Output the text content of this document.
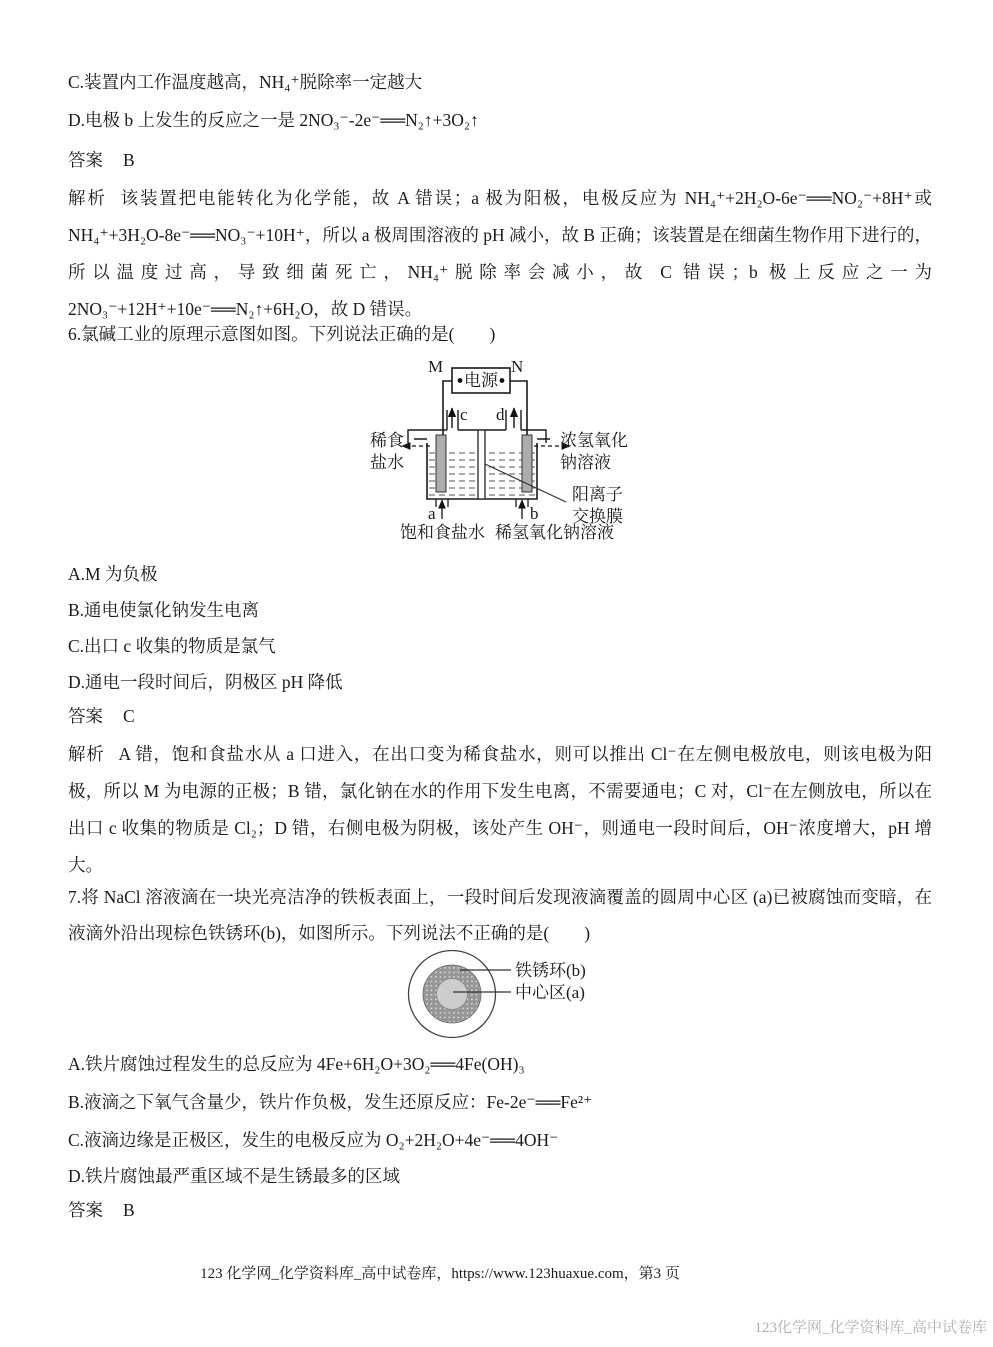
C.装置内工作温度越高，NH₄⁺脱除率一定越大
D.电极 b 上发生的反应之一是 2NO₃⁻-2e⁻══N₂↑+3O₂↑
答案 B
解析 该装置把电能转化为化学能，故 A 错误；a 极为阳极，电极反应为 NH₄⁺+2H₂O-6e⁻══NO₂⁻+8H⁺或 NH₄⁺+3H₂O-8e⁻══NO₃⁻+10H⁺，所以 a 极周围溶液的 pH 减小，故 B 正确；该装置是在细菌生物作用下进行的，所以温度过高，导致细菌死亡，NH₄⁺脱除率会减小，故 C 错误；b 极上反应之一为 2NO₃⁻+12H⁺+10e⁻══N₂↑+6H₂O，故 D 错误。
6.氯碱工业的原理示意图如图。下列说法正确的是(　　)
电源
M	N
c d
稀食
盐水
浓氢氧化
钠溶液
a	b
饱和食盐水 稀氢氧化钠溶液
阳离子
交换膜
A.M 为负极
B.通电使氯化钠发生电离
C.出口 c 收集的物质是氯气
D.通电一段时间后，阴极区 pH 降低
答案 C
解析 A 错，饱和食盐水从 a 口进入，在出口变为稀食盐水，则可以推出 Cl⁻在左侧电极放电，则该电极为阳极，所以 M 为电源的正极；B 错，氯化钠在水的作用下发生电离，不需要通电；C 对，Cl⁻在左侧放电，所以在出口 c 收集的物质是 Cl₂；D 错，右侧电极为阴极，该处产生 OH⁻，则通电一段时间后，OH⁻浓度增大，pH 增大。
7.将 NaCl 溶液滴在一块光亮洁净的铁板表面上，一段时间后发现液滴覆盖的圆周中心区 (a)已被腐蚀而变暗，在液滴外沿出现棕色铁锈环(b)，如图所示。下列说法不正确的是(　　)
铁锈环(b)
中心区(a)
A.铁片腐蚀过程发生的总反应为 4Fe+6H₂O+3O₂══4Fe(OH)₃
B.液滴之下氧气含量少，铁片作负极，发生还原反应：Fe-2e⁻══Fe²⁺
C.液滴边缘是正极区，发生的电极反应为 O₂+2H₂O+4e⁻══4OH⁻
D.铁片腐蚀最严重区域不是生锈最多的区域
答案 B
123 化学网_化学资料库_高中试卷库，https://www.123huaxue.com，第3 页
123化学网_化学资料库_高中试卷库
